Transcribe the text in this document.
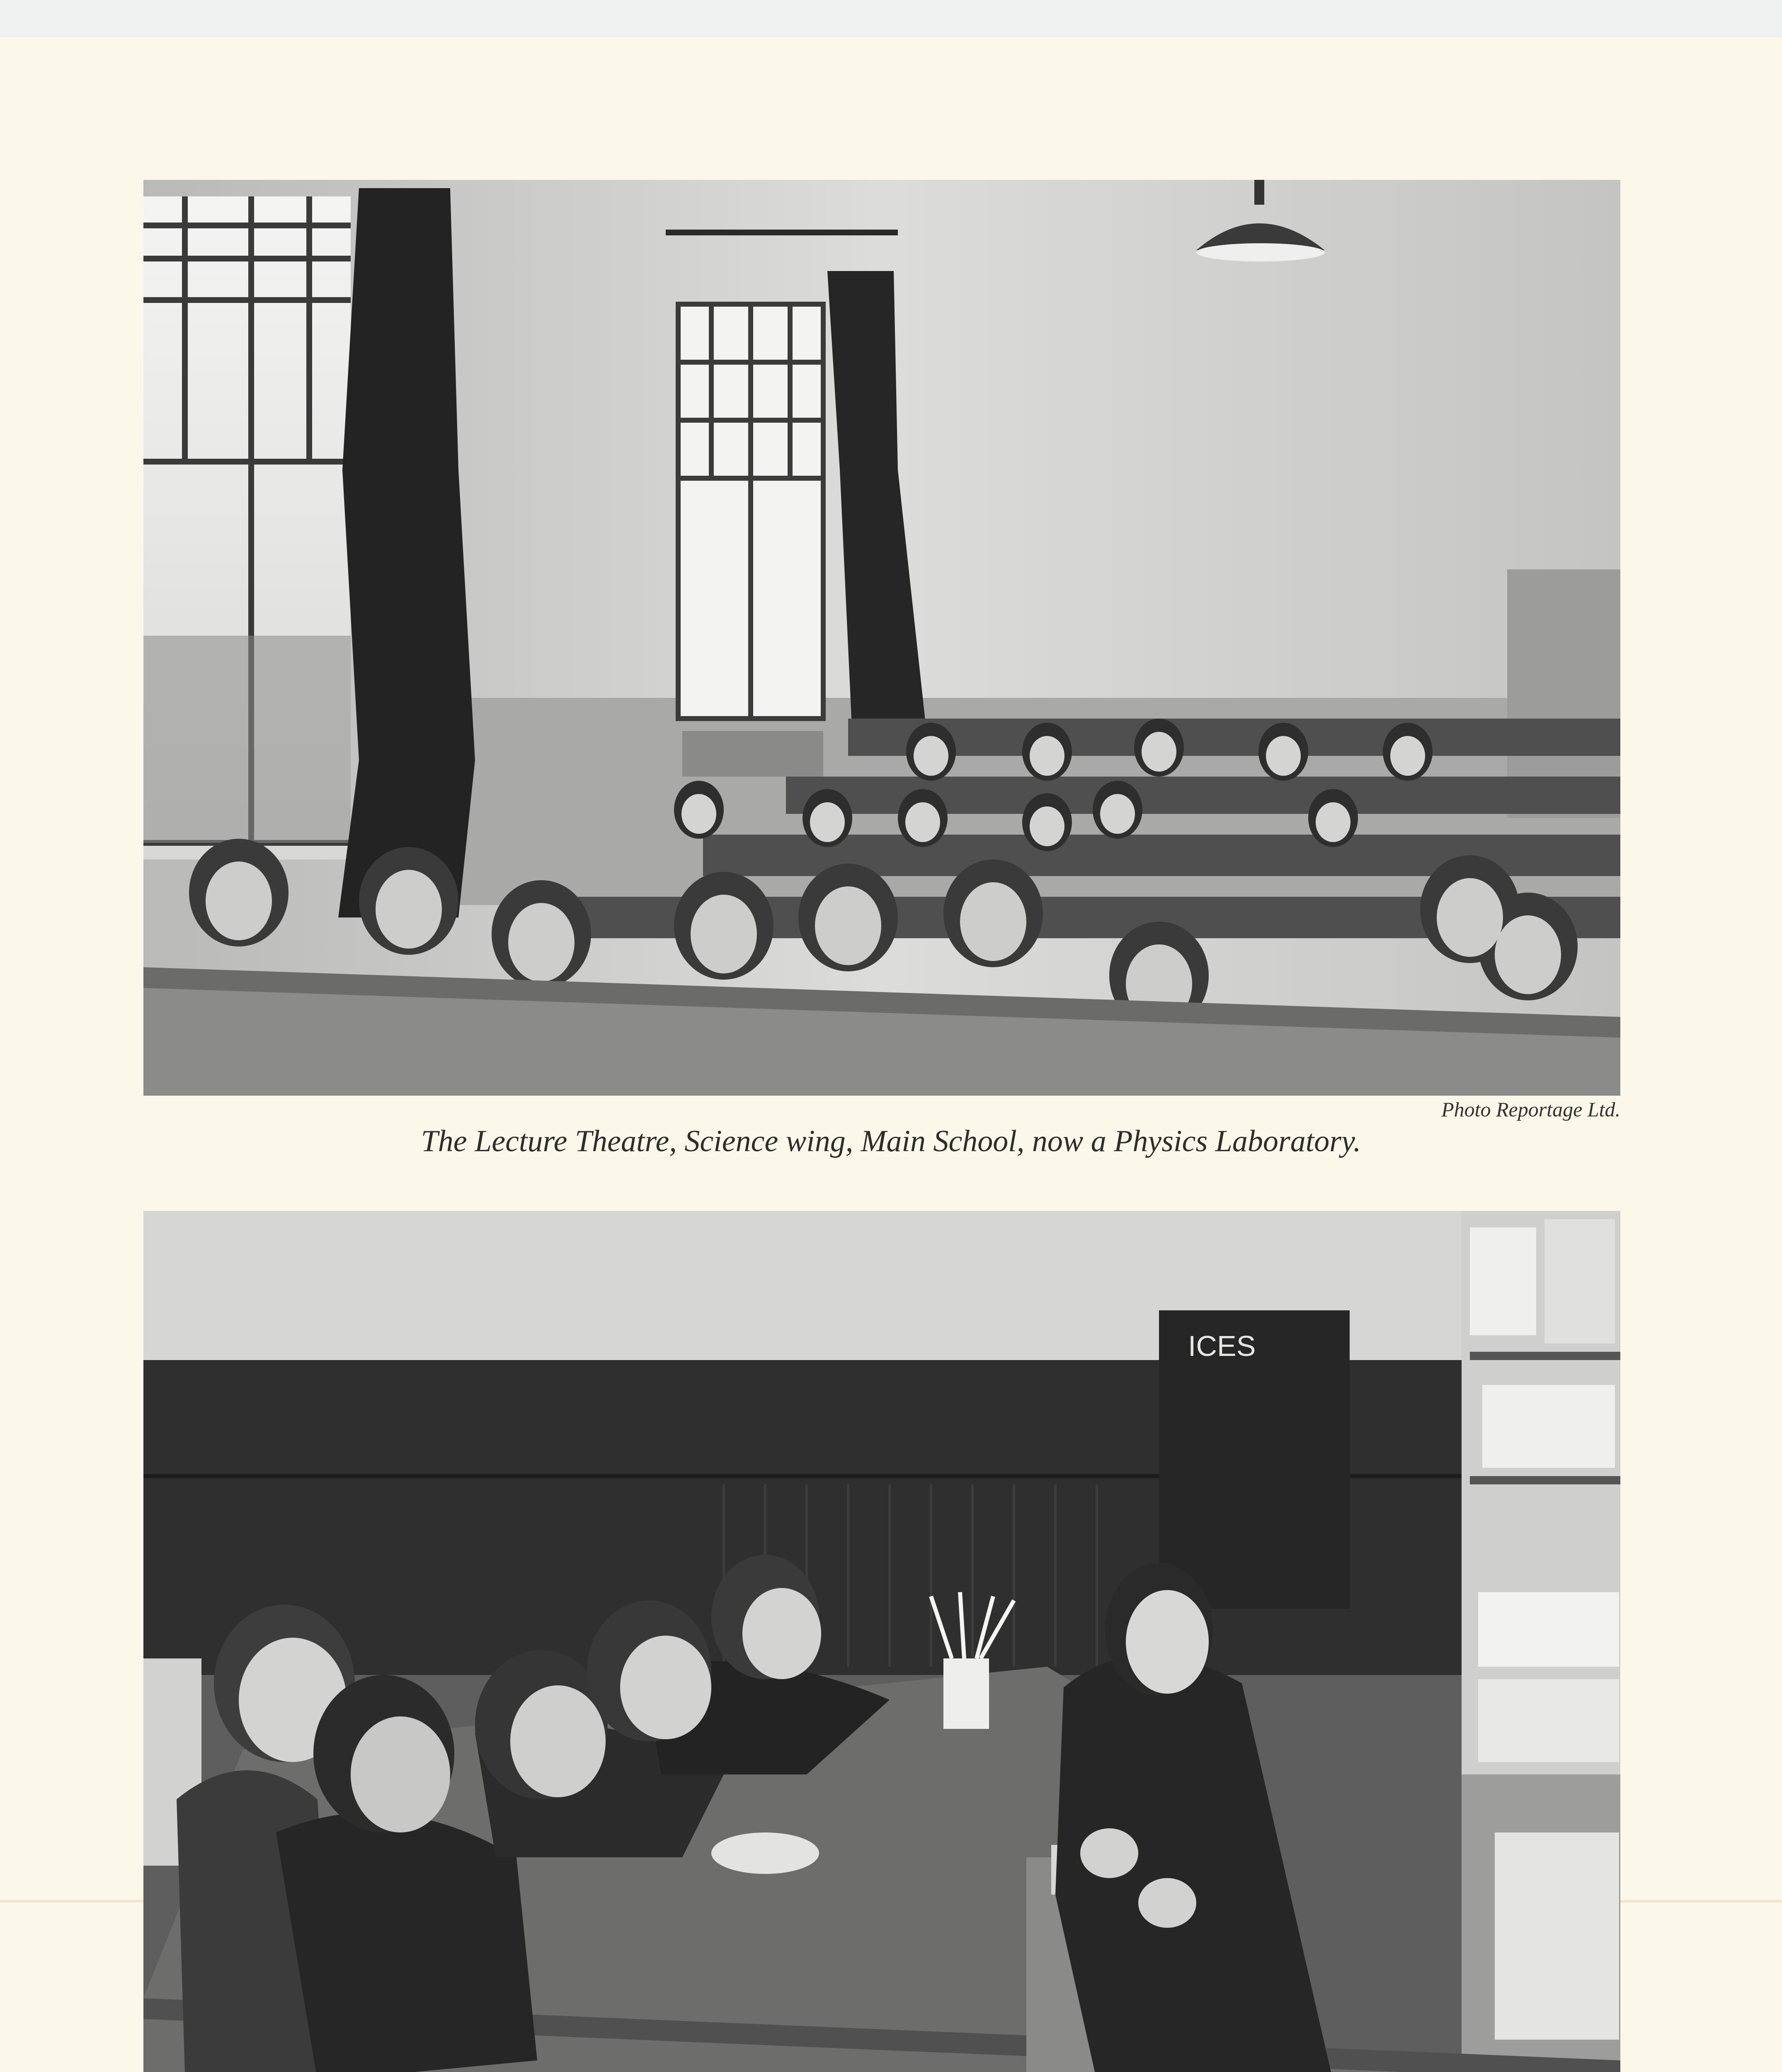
Photo Reportage Ltd.
The Lecture Theatre, Science wing, Main School, now a Physics Laboratory.
ICES
